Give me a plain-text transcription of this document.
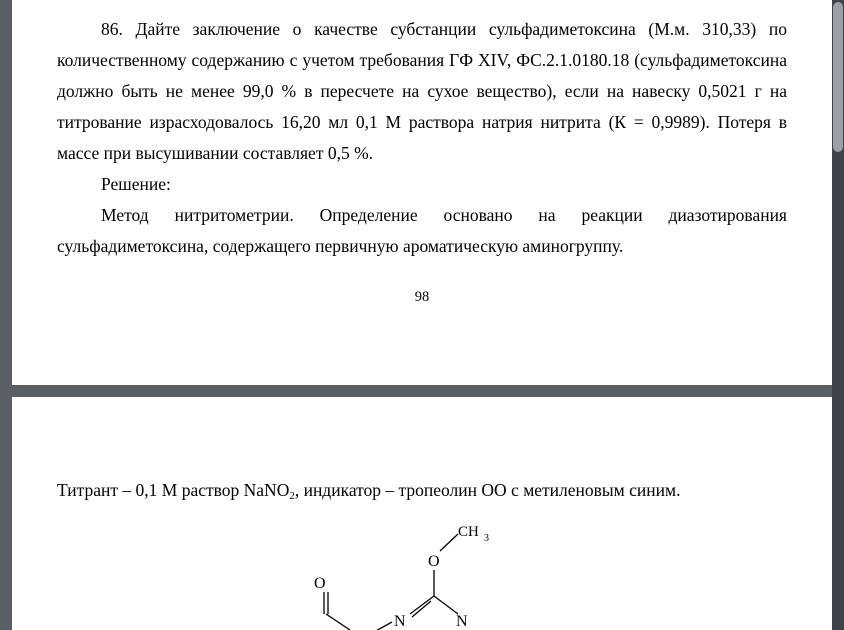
86. Дайте заключение о качестве субстанции сульфадиметоксина (М.м. 310,33) по количественному содержанию с учетом требования ГФ XIV, ФС.2.1.0180.18 (сульфадиметоксина должно быть не менее 99,0 % в пересчете на сухое вещество), если на навеску 0,5021 г на титрование израсходовалось 16,20 мл 0,1 М раствора натрия нитрита (К = 0,9989). Потеря в массе при высушивании составляет 0,5 %.

Решение:

Метод нитритометрии. Определение основано на реакции диазотирования сульфадиметоксина, содержащего первичную ароматическую аминогруппу.

98

Титрант – 0,1 М раствор NaNO$_2$, индикатор – тропеолин ОО с метиленовым синим.

CH 3
O
N	N
O
